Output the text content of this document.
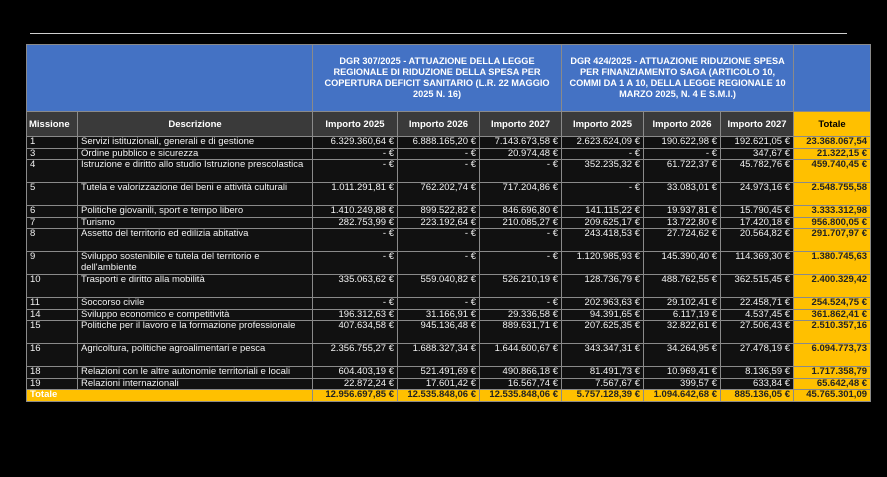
		DGR 307/2025 - ATTUAZIONE DELLA LEGGE REGIONALE DI RIDUZIONE DELLA SPESA PER COPERTURA DEFICIT SANITARIO (L.R. 22 MAGGIO 2025 N. 16)			DGR 424/2025 - ATTUAZIONE RIDUZIONE SPESA PER FINANZIAMENTO SAGA (ARTICOLO 10, COMMI DA 1 A 10, DELLA LEGGE REGIONALE 10 MARZO 2025, N. 4 E S.M.I.)			
Missione	Descrizione	Importo 2025	Importo 2026	Importo 2027	Importo 2025	Importo 2026	Importo 2027	Totale
1	Servizi istituzionali, generali e di gestione	6.329.360,64 €	6.888.165,20 €	7.143.673,58 €	2.623.624,09 €	190.622,98 €	192.621,05 €	23.368.067,54
3	Ordine pubblico e sicurezza	- €	- €	20.974,48 €	- €	- €	347,67 €	21.322,15 €
4	Istruzione e diritto allo studio Istruzione prescolastica	- €	- €	- €	352.235,32 €	61.722,37 €	45.782,76 €	459.740,45 €
5	Tutela e valorizzazione dei beni e attività culturali	1.011.291,81 €	762.202,74 €	717.204,86 €	- €	33.083,01 €	24.973,16 €	2.548.755,58
6	Politiche giovanili, sport e tempo libero	1.410.249,88 €	899.522,82 €	846.696,80 €	141.115,22 €	19.937,81 €	15.790,45 €	3.333.312,98
7	Turismo	282.753,99 €	223.192,64 €	210.085,27 €	209.625,17 €	13.722,80 €	17.420,18 €	956.800,05 €
8	Assetto del territorio ed edilizia abitativa	- €	- €	- €	243.418,53 €	27.724,62 €	20.564,82 €	291.707,97 €
9	Sviluppo sostenibile e tutela del territorio e dell'ambiente	- €	- €	- €	1.120.985,93 €	145.390,40 €	114.369,30 €	1.380.745,63
10	Trasporti e diritto alla mobilità	335.063,62 €	559.040,82 €	526.210,19 €	128.736,79 €	488.762,55 €	362.515,45 €	2.400.329,42
11	Soccorso civile	- €	- €	- €	202.963,63 €	29.102,41 €	22.458,71 €	254.524,75 €
14	Sviluppo economico e competitività	196.312,63 €	31.166,91 €	29.336,58 €	94.391,65 €	6.117,19 €	4.537,45 €	361.862,41 €
15	Politiche per il lavoro e la formazione professionale	407.634,58 €	945.136,48 €	889.631,71 €	207.625,35 €	32.822,61 €	27.506,43 €	2.510.357,16
16	Agricoltura, politiche agroalimentari e pesca	2.356.755,27 €	1.688.327,34 €	1.644.600,67 €	343.347,31 €	34.264,95 €	27.478,19 €	6.094.773,73
18	Relazioni con le altre autonomie territoriali e locali	604.403,19 €	521.491,69 €	490.866,18 €	81.491,73 €	10.969,41 €	8.136,59 €	1.717.358,79
19	Relazioni internazionali	22.872,24 €	17.601,42 €	16.567,74 €	7.567,67 €	399,57 €	633,84 €	65.642,48 €
Totale		12.956.697,85 €	12.535.848,06 €	12.535.848,06 €	5.757.128,39 €	1.094.642,68 €	885.136,05 €	45.765.301,09
